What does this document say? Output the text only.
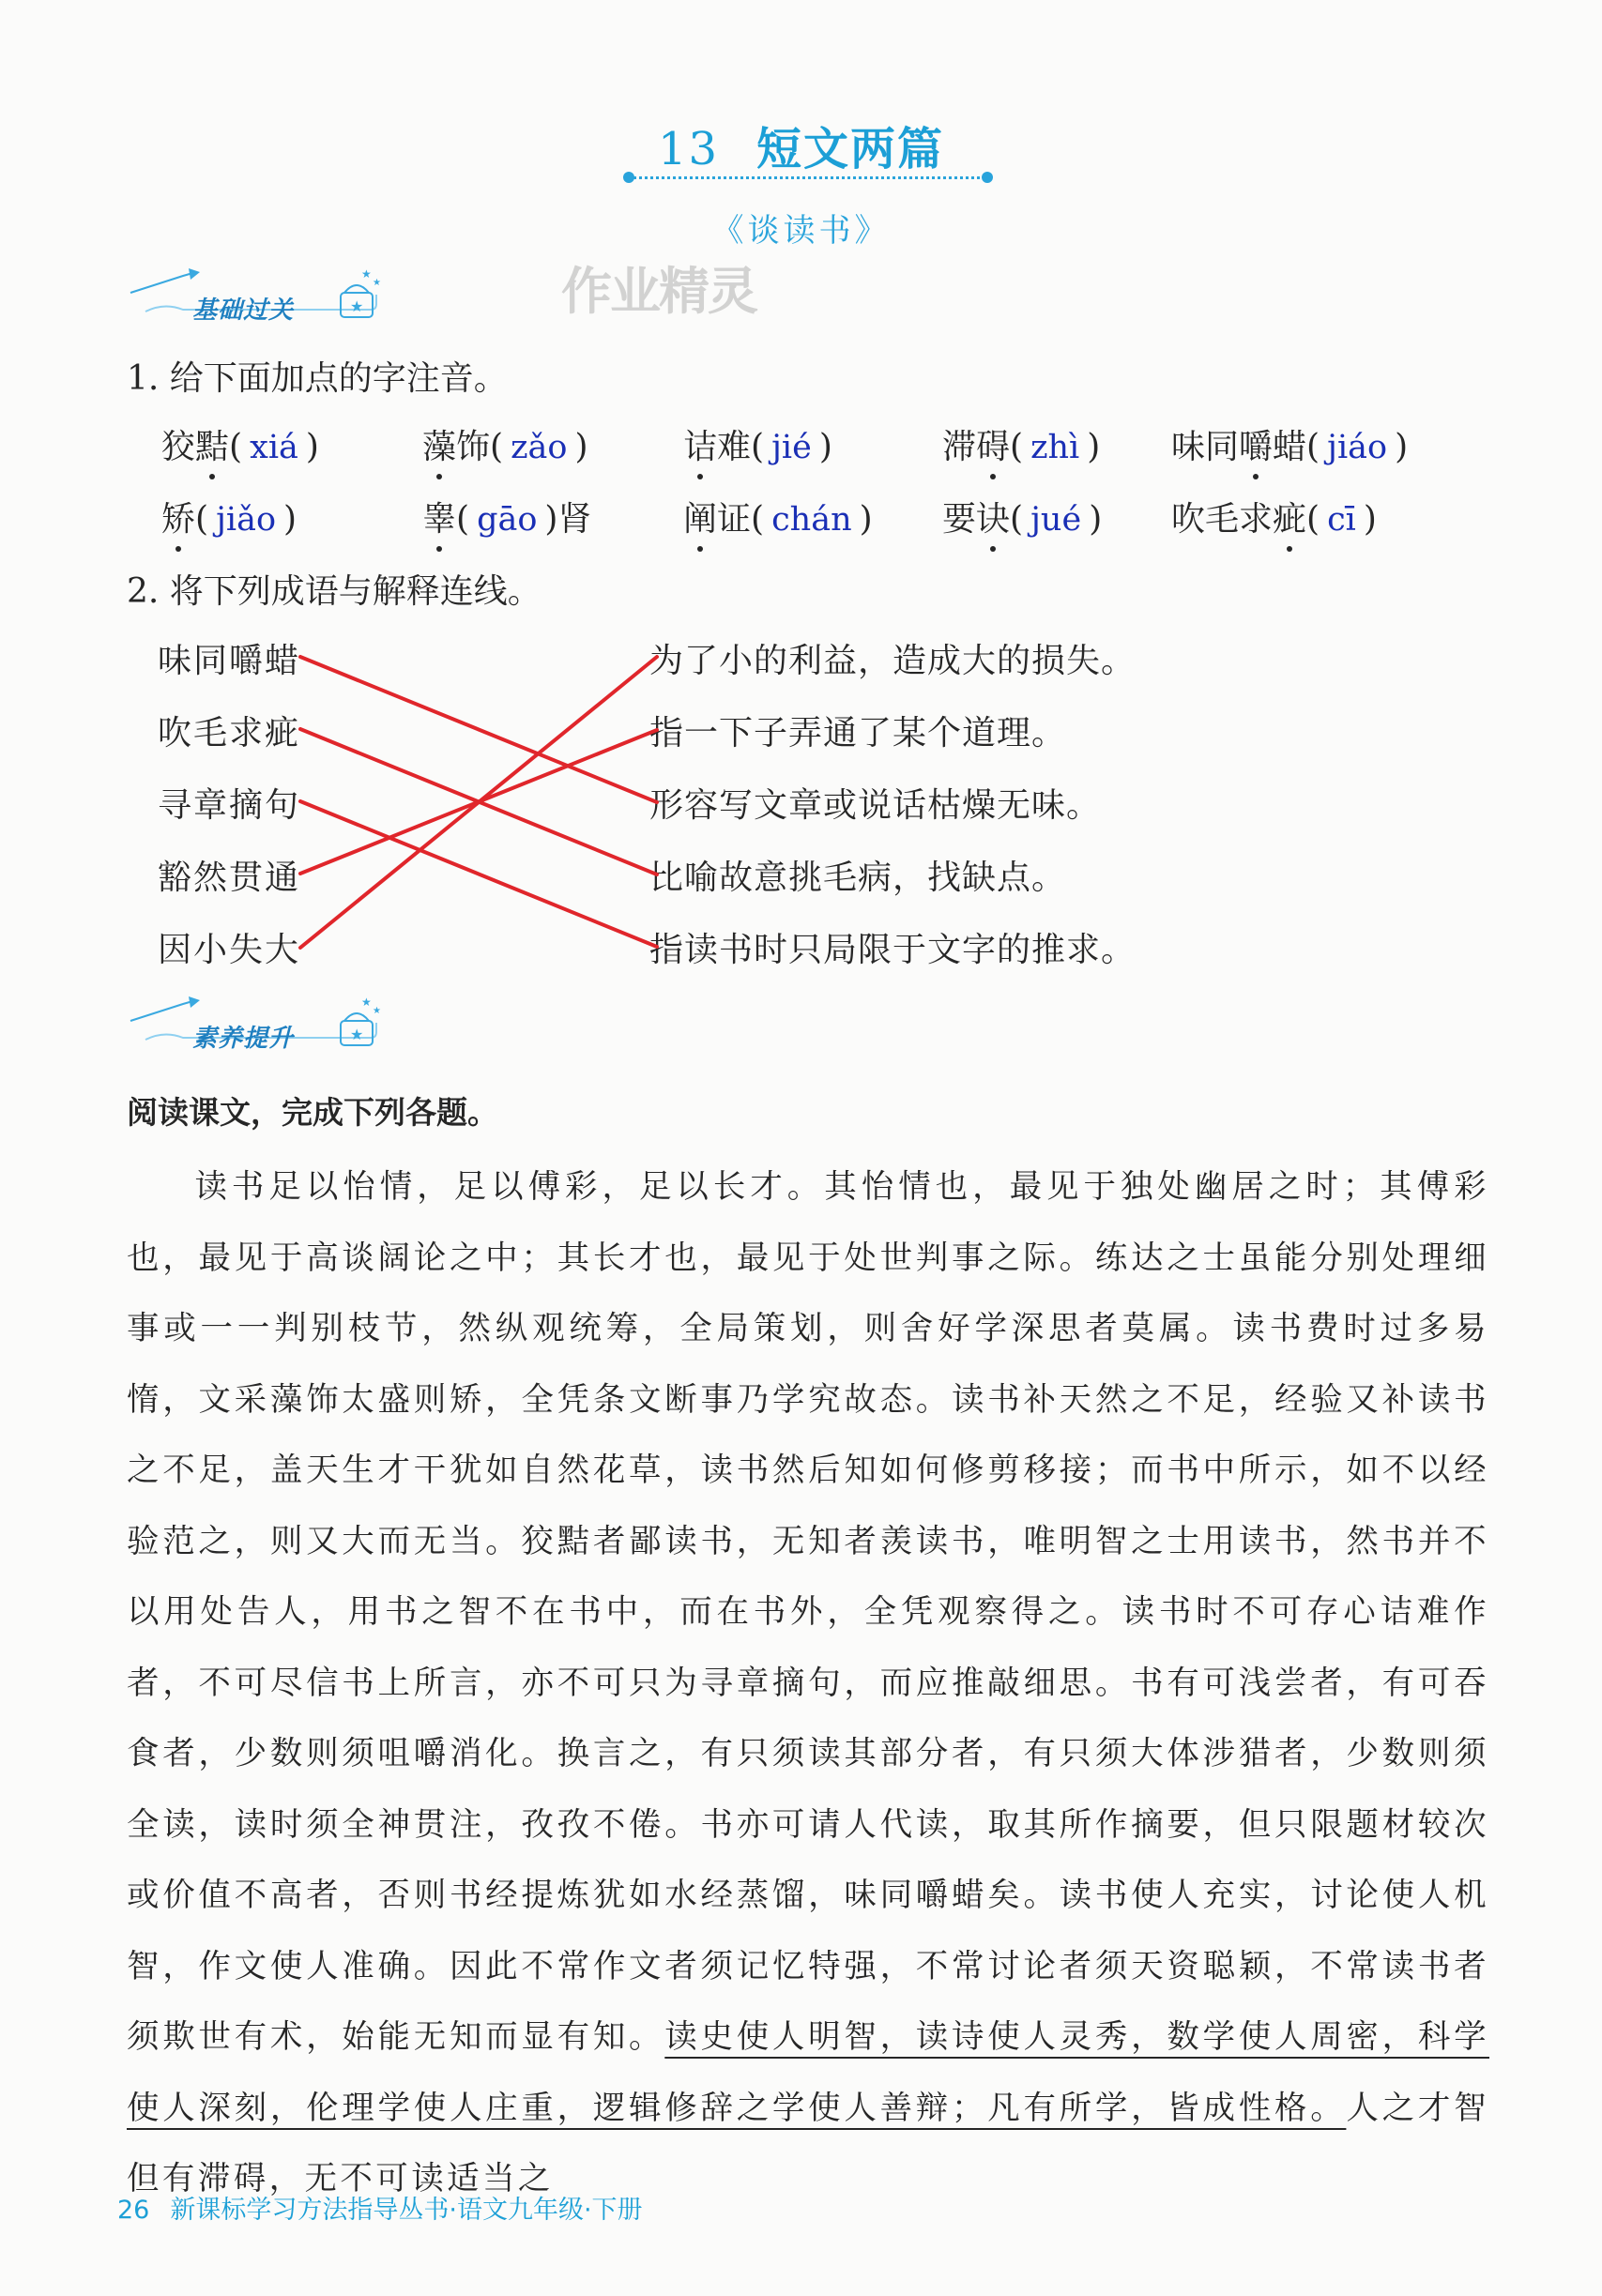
13 短文两篇
《谈读书》
★
★
★
基础过关	作业精灵
1. 给下面加点的字注音。
狡黠( xiá )	藻饰( zǎo )	诘难( jié )	滞碍( zhì ) 味同嚼蜡( jiáo )
矫( jiǎo )	睾( gāo )肾	阐证( chán ) 要诀( jué ) 吹毛求疵( cī )
2. 将下列成语与解释连线。
味同嚼蜡
吹毛求疵
寻章摘句
豁然贯通
因小失大
为了小的利益，造成大的损失。
指一下子弄通了某个道理。
形容写文章或说话枯燥无味。
比喻故意挑毛病，找缺点。
指读书时只局限于文字的推求。
★
★
★
素养提升
阅读课文，完成下列各题。
读书足以怡情，足以傅彩，足以长才。其怡情也，最见于独处幽居之时；其傅彩也，最见于高谈阔论之中；其长才也，最见于处世判事之际。练达之士虽能分别处理细事或一一判别枝节，然纵观统筹，全局策划，则舍好学深思者莫属。读书费时过多易惰，文采藻饰太盛则矫，全凭条文断事乃学究故态。读书补天然之不足，经验又补读书之不足，盖天生才干犹如自然花草，读书然后知如何修剪移接；而书中所示，如不以经验范之，则又大而无当。狡黠者鄙读书，无知者羡读书，唯明智之士用读书，然书并不以用处告人，用书之智不在书中，而在书外，全凭观察得之。读书时不可存心诘难作者，不可尽信书上所言，亦不可只为寻章摘句，而应推敲细思。书有可浅尝者，有可吞食者，少数则须咀嚼消化。换言之，有只须读其部分者，有只须大体涉猎者，少数则须全读，读时须全神贯注，孜孜不倦。书亦可请人代读，取其所作摘要，但只限题材较次或价值不高者，否则书经提炼犹如水经蒸馏，味同嚼蜡矣。读书使人充实，讨论使人机智，作文使人准确。因此不常作文者须记忆特强，不常讨论者须天资聪颖，不常读书者须欺世有术，始能无知而显有知。读史使人明智，读诗使人灵秀，数学使人周密，科学使人深刻，伦理学使人庄重，逻辑修辞之学使人善辩；凡有所学，皆成性格。人之才智但有滞碍，无不可读适当之
26 新课标学习方法指导丛书·语文九年级·下册
